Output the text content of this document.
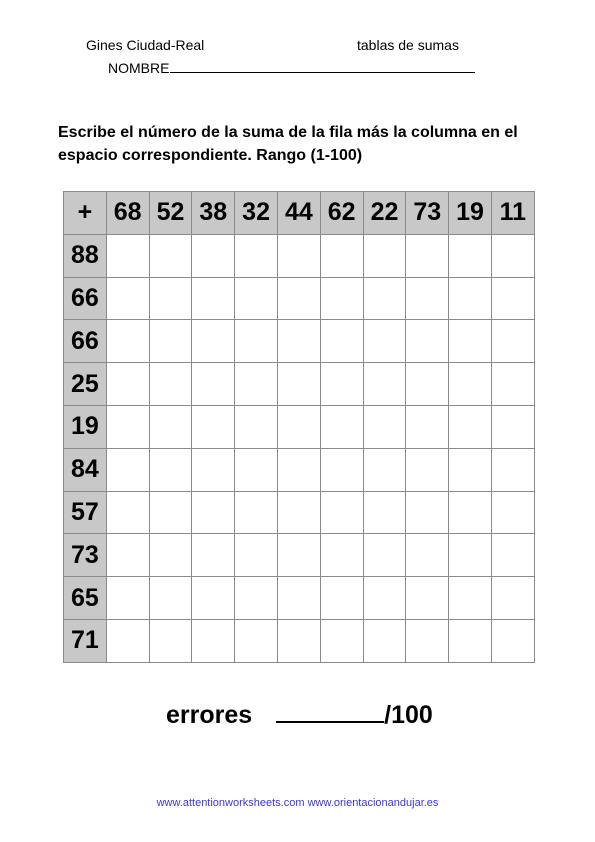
Gines Ciudad-Real	tablas de sumas
NOMBRE
Escribe el número de la suma de la fila más la columna en el espacio correspondiente. Rango (1-100)
+	68	52	38	32	44	62	22	73	19	11
88										
66										
66										
25										
19										
84										
57										
73										
65										
71										
errores	/100
www.attentionworksheets.com www.orientacionandujar.es
